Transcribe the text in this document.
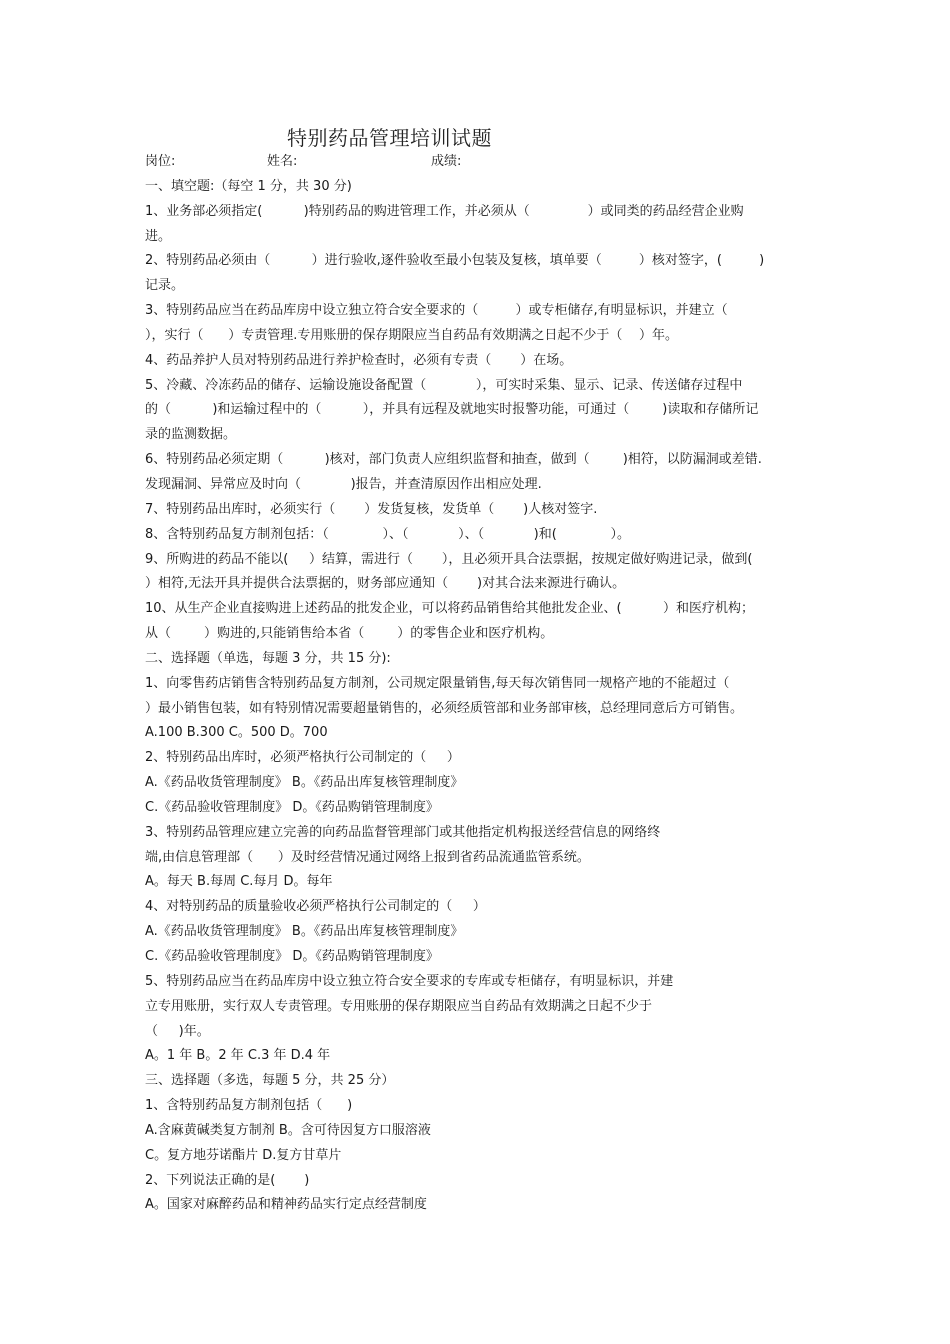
特别药品管理培训试题
岗位:	姓名:	成绩:
一、填空题:（每空 1 分，共 30 分)
1、业务部必须指定(          )特别药品的购进管理工作，并必须从（              ）或同类的药品经营企业购
进。
2、特别药品必须由（          ）进行验收,逐件验收至最小包装及复核，填单要（         ）核对签字，(         )
记录。
3、特别药品应当在药品库房中设立独立符合安全要求的（         ）或专柜储存,有明显标识，并建立（
），实行（      ）专责管理.专用账册的保存期限应当自药品有效期满之日起不少于（    ）年。
4、药品养护人员对特别药品进行养护检查时，必须有专责（       ）在场。
5、冷藏、冷冻药品的储存、运输设施设备配置（            ），可实时采集、显示、记录、传送储存过程中
的（          )和运输过程中的（          ），并具有远程及就地实时报警功能，可通过（        )读取和存储所记
录的监测数据。
6、特别药品必须定期（          )核对，部门负责人应组织监督和抽查，做到（        )相符，以防漏洞或差错.
发现漏洞、异常应及时向（            )报告，并查清原因作出相应处理.
7、特别药品出库时，必须实行（       ）发货复核，发货单（       )人核对签字.
8、含特别药品复方制剂包括：（             ）、（            ）、（            )和(             ）。
9、所购进的药品不能以(     ）结算，需进行（       ），且必须开具合法票据，按规定做好购进记录，做到(
）相符,无法开具并提供合法票据的，财务部应通知（       )对其合法来源进行确认。
10、从生产企业直接购进上述药品的批发企业，可以将药品销售给其他批发企业、(          ）和医疗机构；
从（        ）购进的,只能销售给本省（        ）的零售企业和医疗机构。
二、选择题（单选，每题 3 分，共 15 分):
1、向零售药店销售含特别药品复方制剂，公司规定限量销售,每天每次销售同一规格产地的不能超过（
）最小销售包装，如有特别情况需要超量销售的，必须经质管部和业务部审核，总经理同意后方可销售。
A.100 B.300 C。500 D。700
2、特别药品出库时，必须严格执行公司制定的（     ）
A.《药品收货管理制度》 B。《药品出库复核管理制度》
C.《药品验收管理制度》 D。《药品购销管理制度》
3、特别药品管理应建立完善的向药品监督管理部门或其他指定机构报送经营信息的网络终
端,由信息管理部（      ）及时经营情况通过网络上报到省药品流通监管系统。
A。每天 B.每周 C.每月 D。每年
4、对特别药品的质量验收必须严格执行公司制定的（     ）
A.《药品收货管理制度》 B。《药品出库复核管理制度》
C.《药品验收管理制度》 D。《药品购销管理制度》
5、特别药品应当在药品库房中设立独立符合安全要求的专库或专柜储存，有明显标识，并建
立专用账册，实行双人专责管理。专用账册的保存期限应当自药品有效期满之日起不少于
（     )年。
A。1 年 B。2 年 C.3 年 D.4 年
三、选择题（多选，每题 5 分，共 25 分）
1、含特别药品复方制剂包括（      )
A.含麻黄碱类复方制剂 B。含可待因复方口服溶液
C。复方地芬诺酯片 D.复方甘草片
2、下列说法正确的是(       )
A。国家对麻醉药品和精神药品实行定点经营制度
